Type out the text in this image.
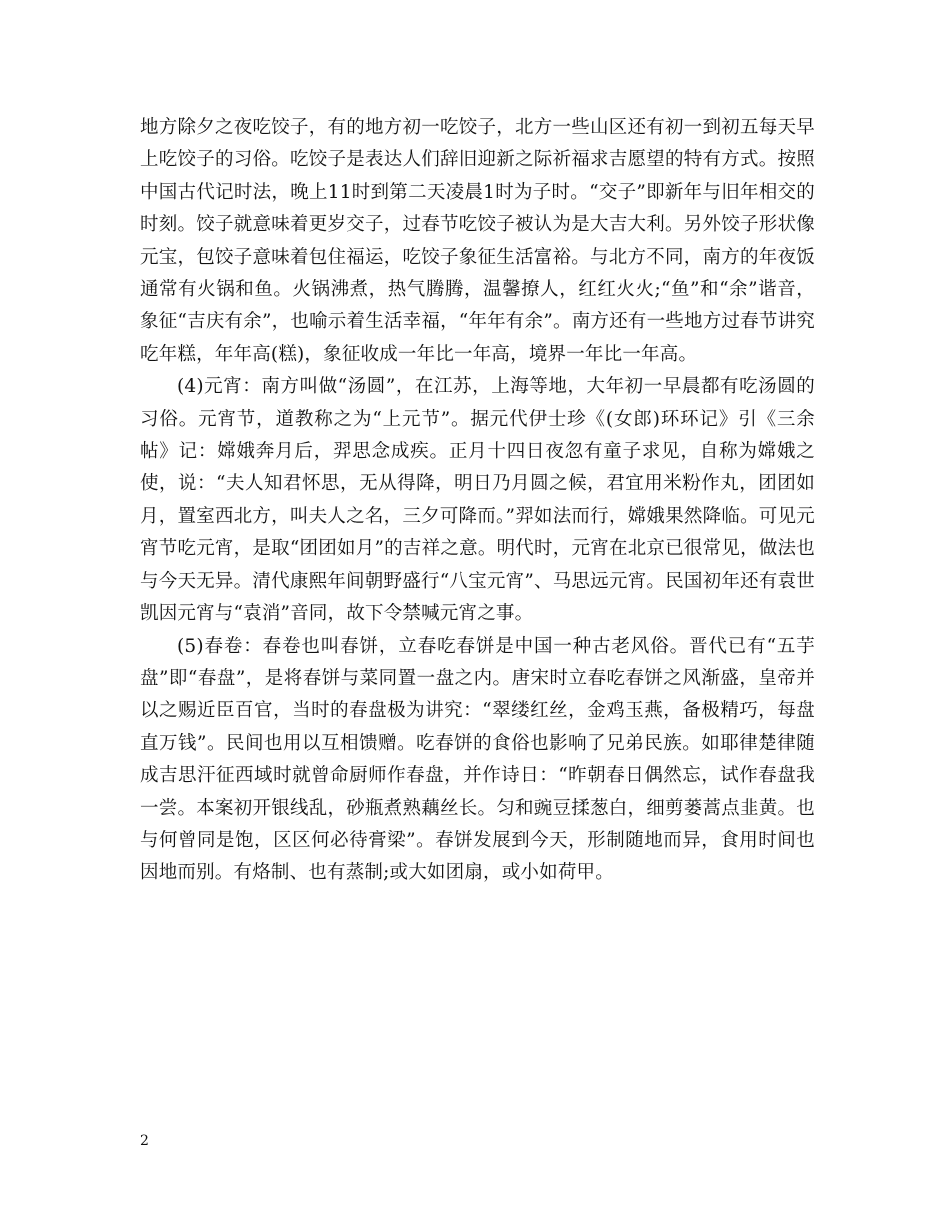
地方除夕之夜吃饺子，有的地方初一吃饺子，北方一些山区还有初一到初五每天早上吃饺子的习俗。吃饺子是表达人们辞旧迎新之际祈福求吉愿望的特有方式。按照中国古代记时法，晚上11时到第二天凌晨1时为子时。“交子”即新年与旧年相交的时刻。饺子就意味着更岁交子，过春节吃饺子被认为是大吉大利。另外饺子形状像元宝，包饺子意味着包住福运，吃饺子象征生活富裕。与北方不同，南方的年夜饭通常有火锅和鱼。火锅沸煮，热气腾腾，温馨撩人，红红火火;“鱼”和“余”谐音，象征“吉庆有余”，也喻示着生活幸福，“年年有余”。南方还有一些地方过春节讲究吃年糕，年年高(糕)，象征收成一年比一年高，境界一年比一年高。

(4)元宵：南方叫做“汤圆”，在江苏，上海等地，大年初一早晨都有吃汤圆的习俗。元宵节，道教称之为“上元节”。据元代伊士珍《(女郎)环环记》引《三余帖》记：嫦娥奔月后，羿思念成疾。正月十四日夜忽有童子求见，自称为嫦娥之使，说：“夫人知君怀思，无从得降，明日乃月圆之候，君宜用米粉作丸，团团如月，置室西北方，叫夫人之名，三夕可降而。”羿如法而行，嫦娥果然降临。可见元宵节吃元宵，是取“团团如月”的吉祥之意。明代时，元宵在北京已很常见，做法也与今天无异。清代康熙年间朝野盛行“八宝元宵”、马思远元宵。民国初年还有袁世凯因元宵与“袁消”音同，故下令禁喊元宵之事。

(5)春卷：春卷也叫春饼，立春吃春饼是中国一种古老风俗。晋代已有“五芋盘”即“春盘”，是将春饼与菜同置一盘之内。唐宋时立春吃春饼之风渐盛，皇帝并以之赐近臣百官，当时的春盘极为讲究：“翠缕红丝，金鸡玉燕，备极精巧，每盘直万钱”。民间也用以互相馈赠。吃春饼的食俗也影响了兄弟民族。如耶律楚律随成吉思汗征西域时就曾命厨师作春盘，并作诗日：“昨朝春日偶然忘，试作春盘我一尝。本案初开银线乱，砂瓶煮熟藕丝长。匀和豌豆揉葱白，细剪蒌蒿点韭黄。也与何曾同是饱，区区何必待膏梁”。春饼发展到今天，形制随地而异，食用时间也因地而别。有烙制、也有蒸制;或大如团扇，或小如荷甲。

2
